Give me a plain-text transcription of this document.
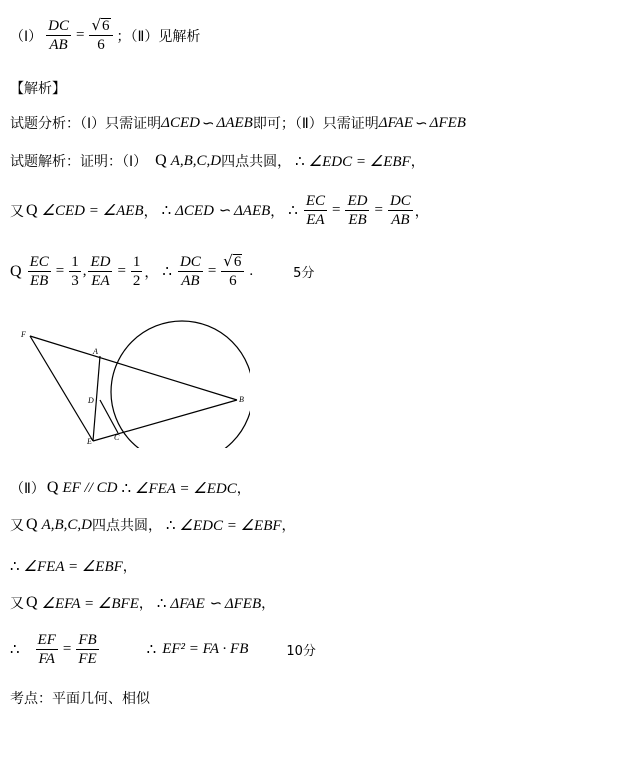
（Ⅰ） $\frac{DC}{AB} = \frac{√ 6}{6}$ ；（Ⅱ）见解析
【解析】
试题分析：（Ⅰ）只需证明 ΔCED ∽ ΔAEB 即可；（Ⅱ）只需证明 ΔFAE ∽ ΔFEB
试题解析：证明：（Ⅰ） Q A,B,C,D 四点共圆， ∴ ∠EDC = ∠EBF ，
又 Q ∠CED = ∠AEB ， ∴ ΔCED ∽ ΔAEB ， ∴ $\frac{EC}{EA} = \frac{ED}{EB} = \frac{DC}{AB}$ ，
Q $\frac{EC}{EB} = \frac{1}{3}$ , $\frac{ED}{EA} = \frac{1}{2}$ ， ∴ $\frac{DC}{AB} = \frac{√ 6}{6}$ .	5分
F
A
D	B
E	C
（Ⅱ） Q EF // CD ∴ ∠FEA = ∠EDC ，
又 Q A,B,C,D 四点共圆， ∴ ∠EDC = ∠EBF ，
∴ ∠FEA = ∠EBF ，
又 Q ∠EFA = ∠BFE ， ∴ ΔFAE ∽ ΔFEB ，
∴ $\frac{EF}{FA} = \frac{FB}{FE}$	∴ EF² = FA · FB	10分
考点：平面几何、相似
